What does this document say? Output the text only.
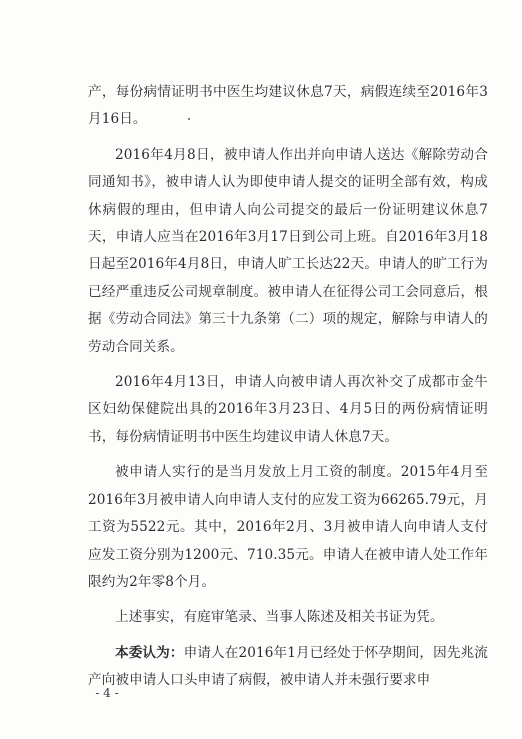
产，每份病情证明书中医生均建议休息7天，病假连续至2016年3月16日。

2016年4月8日，被申请人作出并向申请人送达《解除劳动合同通知书》，被申请人认为即使申请人提交的证明全部有效，构成休病假的理由，但申请人向公司提交的最后一份证明建议休息7天，申请人应当在2016年3月17日到公司上班。自2016年3月18日起至2016年4月8日，申请人旷工长达22天。申请人的旷工行为已经严重违反公司规章制度。被申请人在征得公司工会同意后，根据《劳动合同法》第三十九条第（二）项的规定，解除与申请人的劳动合同关系。

2016年4月13日，申请人向被申请人再次补交了成都市金牛区妇幼保健院出具的2016年3月23日、4月5日的两份病情证明书，每份病情证明书中医生均建议申请人休息7天。

被申请人实行的是当月发放上月工资的制度。2015年4月至2016年3月被申请人向申请人支付的应发工资为66265.79元，月工资为5522元。其中，2016年2月、3月被申请人向申请人支付应发工资分别为1200元、710.35元。申请人在被申请人处工作年限约为2年零8个月。

上述事实，有庭审笔录、当事人陈述及相关书证为凭。

本委认为：申请人在2016年1月已经处于怀孕期间，因先兆流产向被申请人口头申请了病假，被申请人并未强行要求申

- 4 -
